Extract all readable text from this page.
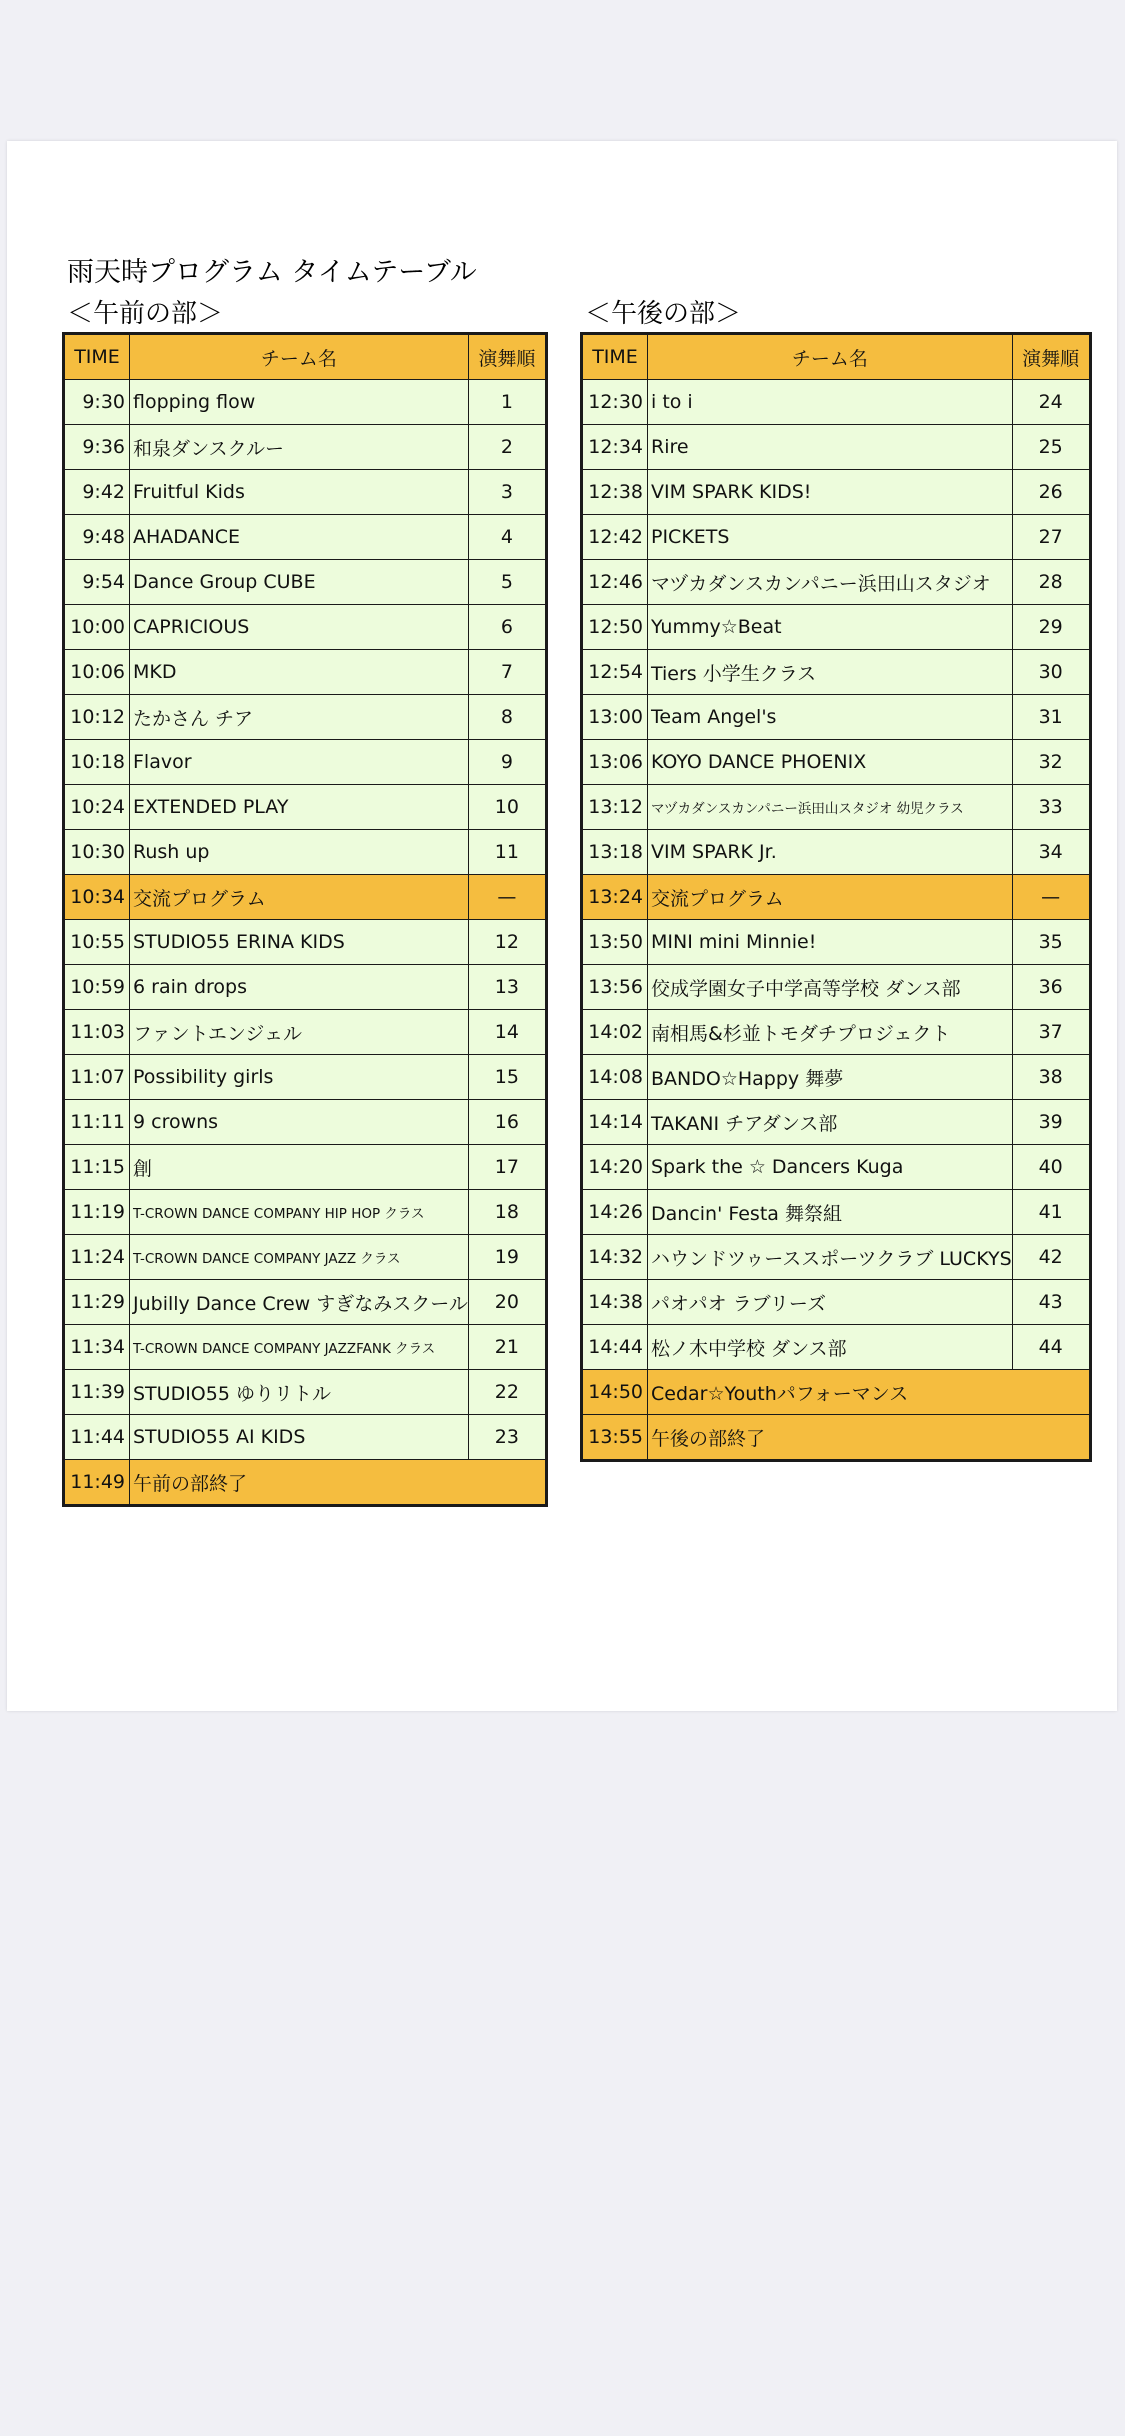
雨天時プログラム タイムテーブル
＜午前の部＞	＜午後の部＞
TIME	チーム名	演舞順
9:30	flopping flow	1
9:36	和泉ダンスクルー	2
9:42	Fruitful Kids	3
9:48	AHADANCE	4
9:54	Dance Group CUBE	5
10:00	CAPRICIOUS	6
10:06	MKD	7
10:12	たかさん チア	8
10:18	Flavor	9
10:24	EXTENDED PLAY	10
10:30	Rush up	11
10:34	交流プログラム	—
10:55	STUDIO55 ERINA KIDS	12
10:59	6 rain drops	13
11:03	ファントエンジェル	14
11:07	Possibility girls	15
11:11	9 crowns	16
11:15	創	17
11:19	T-CROWN DANCE COMPANY HIP HOP クラス	18
11:24	T-CROWN DANCE COMPANY JAZZ クラス	19
11:29	Jubilly Dance Crew すぎなみスクール	20
11:34	T-CROWN DANCE COMPANY JAZZFANK クラス	21
11:39	STUDIO55 ゆりリトル	22
11:44	STUDIO55 AI KIDS	23
11:49	午前の部終了	
TIME	チーム名	演舞順
12:30	i to i	24
12:34	Rire	25
12:38	VIM SPARK KIDS!	26
12:42	PICKETS	27
12:46	マヅカダンスカンパニー浜田山スタジオ	28
12:50	Yummy☆Beat	29
12:54	Tiers 小学生クラス	30
13:00	Team Angel's	31
13:06	KOYO DANCE PHOENIX	32
13:12	マヅカダンスカンパニー浜田山スタジオ 幼児クラス	33
13:18	VIM SPARK Jr.	34
13:24	交流プログラム	—
13:50	MINI mini Minnie!	35
13:56	佼成学園女子中学高等学校 ダンス部	36
14:02	南相馬&杉並トモダチプロジェクト	37
14:08	BANDO☆Happy 舞夢	38
14:14	TAKANI チアダンス部	39
14:20	Spark the ☆ Dancers Kuga	40
14:26	Dancin' Festa 舞祭組	41
14:32	ハウンドツゥーススポーツクラブ LUCKYS	42
14:38	パオパオ ラブリーズ	43
14:44	松ノ木中学校 ダンス部	44
14:50	Cedar☆Youthパフォーマンス	
13:55	午後の部終了	
